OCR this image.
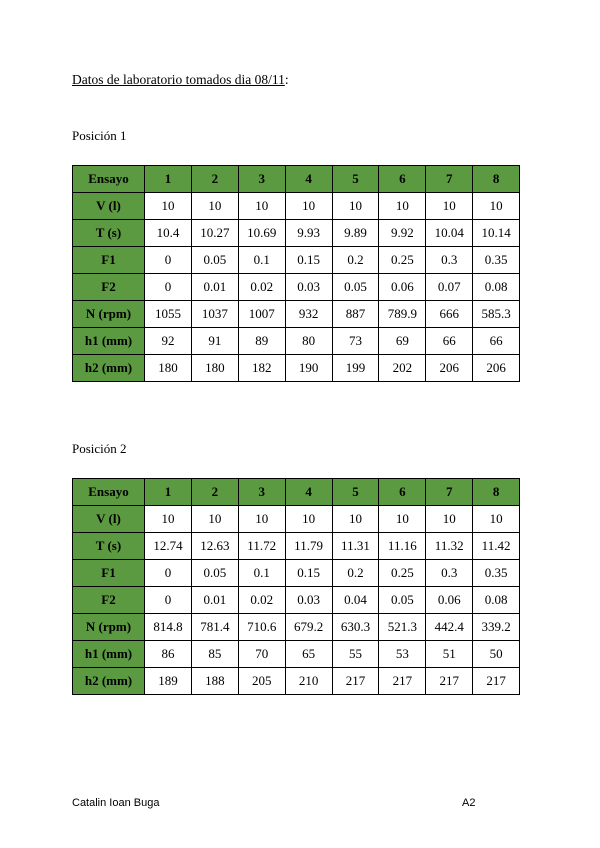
Datos de laboratorio tomados dia 08/11:
Posición 1
Ensayo	1	2	3	4	5	6	7	8
V (l)	10	10	10	10	10	10	10	10
T (s)	10.4	10.27	10.69	9.93	9.89	9.92	10.04	10.14
F1	0	0.05	0.1	0.15	0.2	0.25	0.3	0.35
F2	0	0.01	0.02	0.03	0.05	0.06	0.07	0.08
N (rpm)	1055	1037	1007	932	887	789.9	666	585.3
h1 (mm)	92	91	89	80	73	69	66	66
h2 (mm)	180	180	182	190	199	202	206	206
Posición 2
Ensayo	1	2	3	4	5	6	7	8
V (l)	10	10	10	10	10	10	10	10
T (s)	12.74	12.63	11.72	11.79	11.31	11.16	11.32	11.42
F1	0	0.05	0.1	0.15	0.2	0.25	0.3	0.35
F2	0	0.01	0.02	0.03	0.04	0.05	0.06	0.08
N (rpm)	814.8	781.4	710.6	679.2	630.3	521.3	442.4	339.2
h1 (mm)	86	85	70	65	55	53	51	50
h2 (mm)	189	188	205	210	217	217	217	217
Catalin Ioan Buga	A2
